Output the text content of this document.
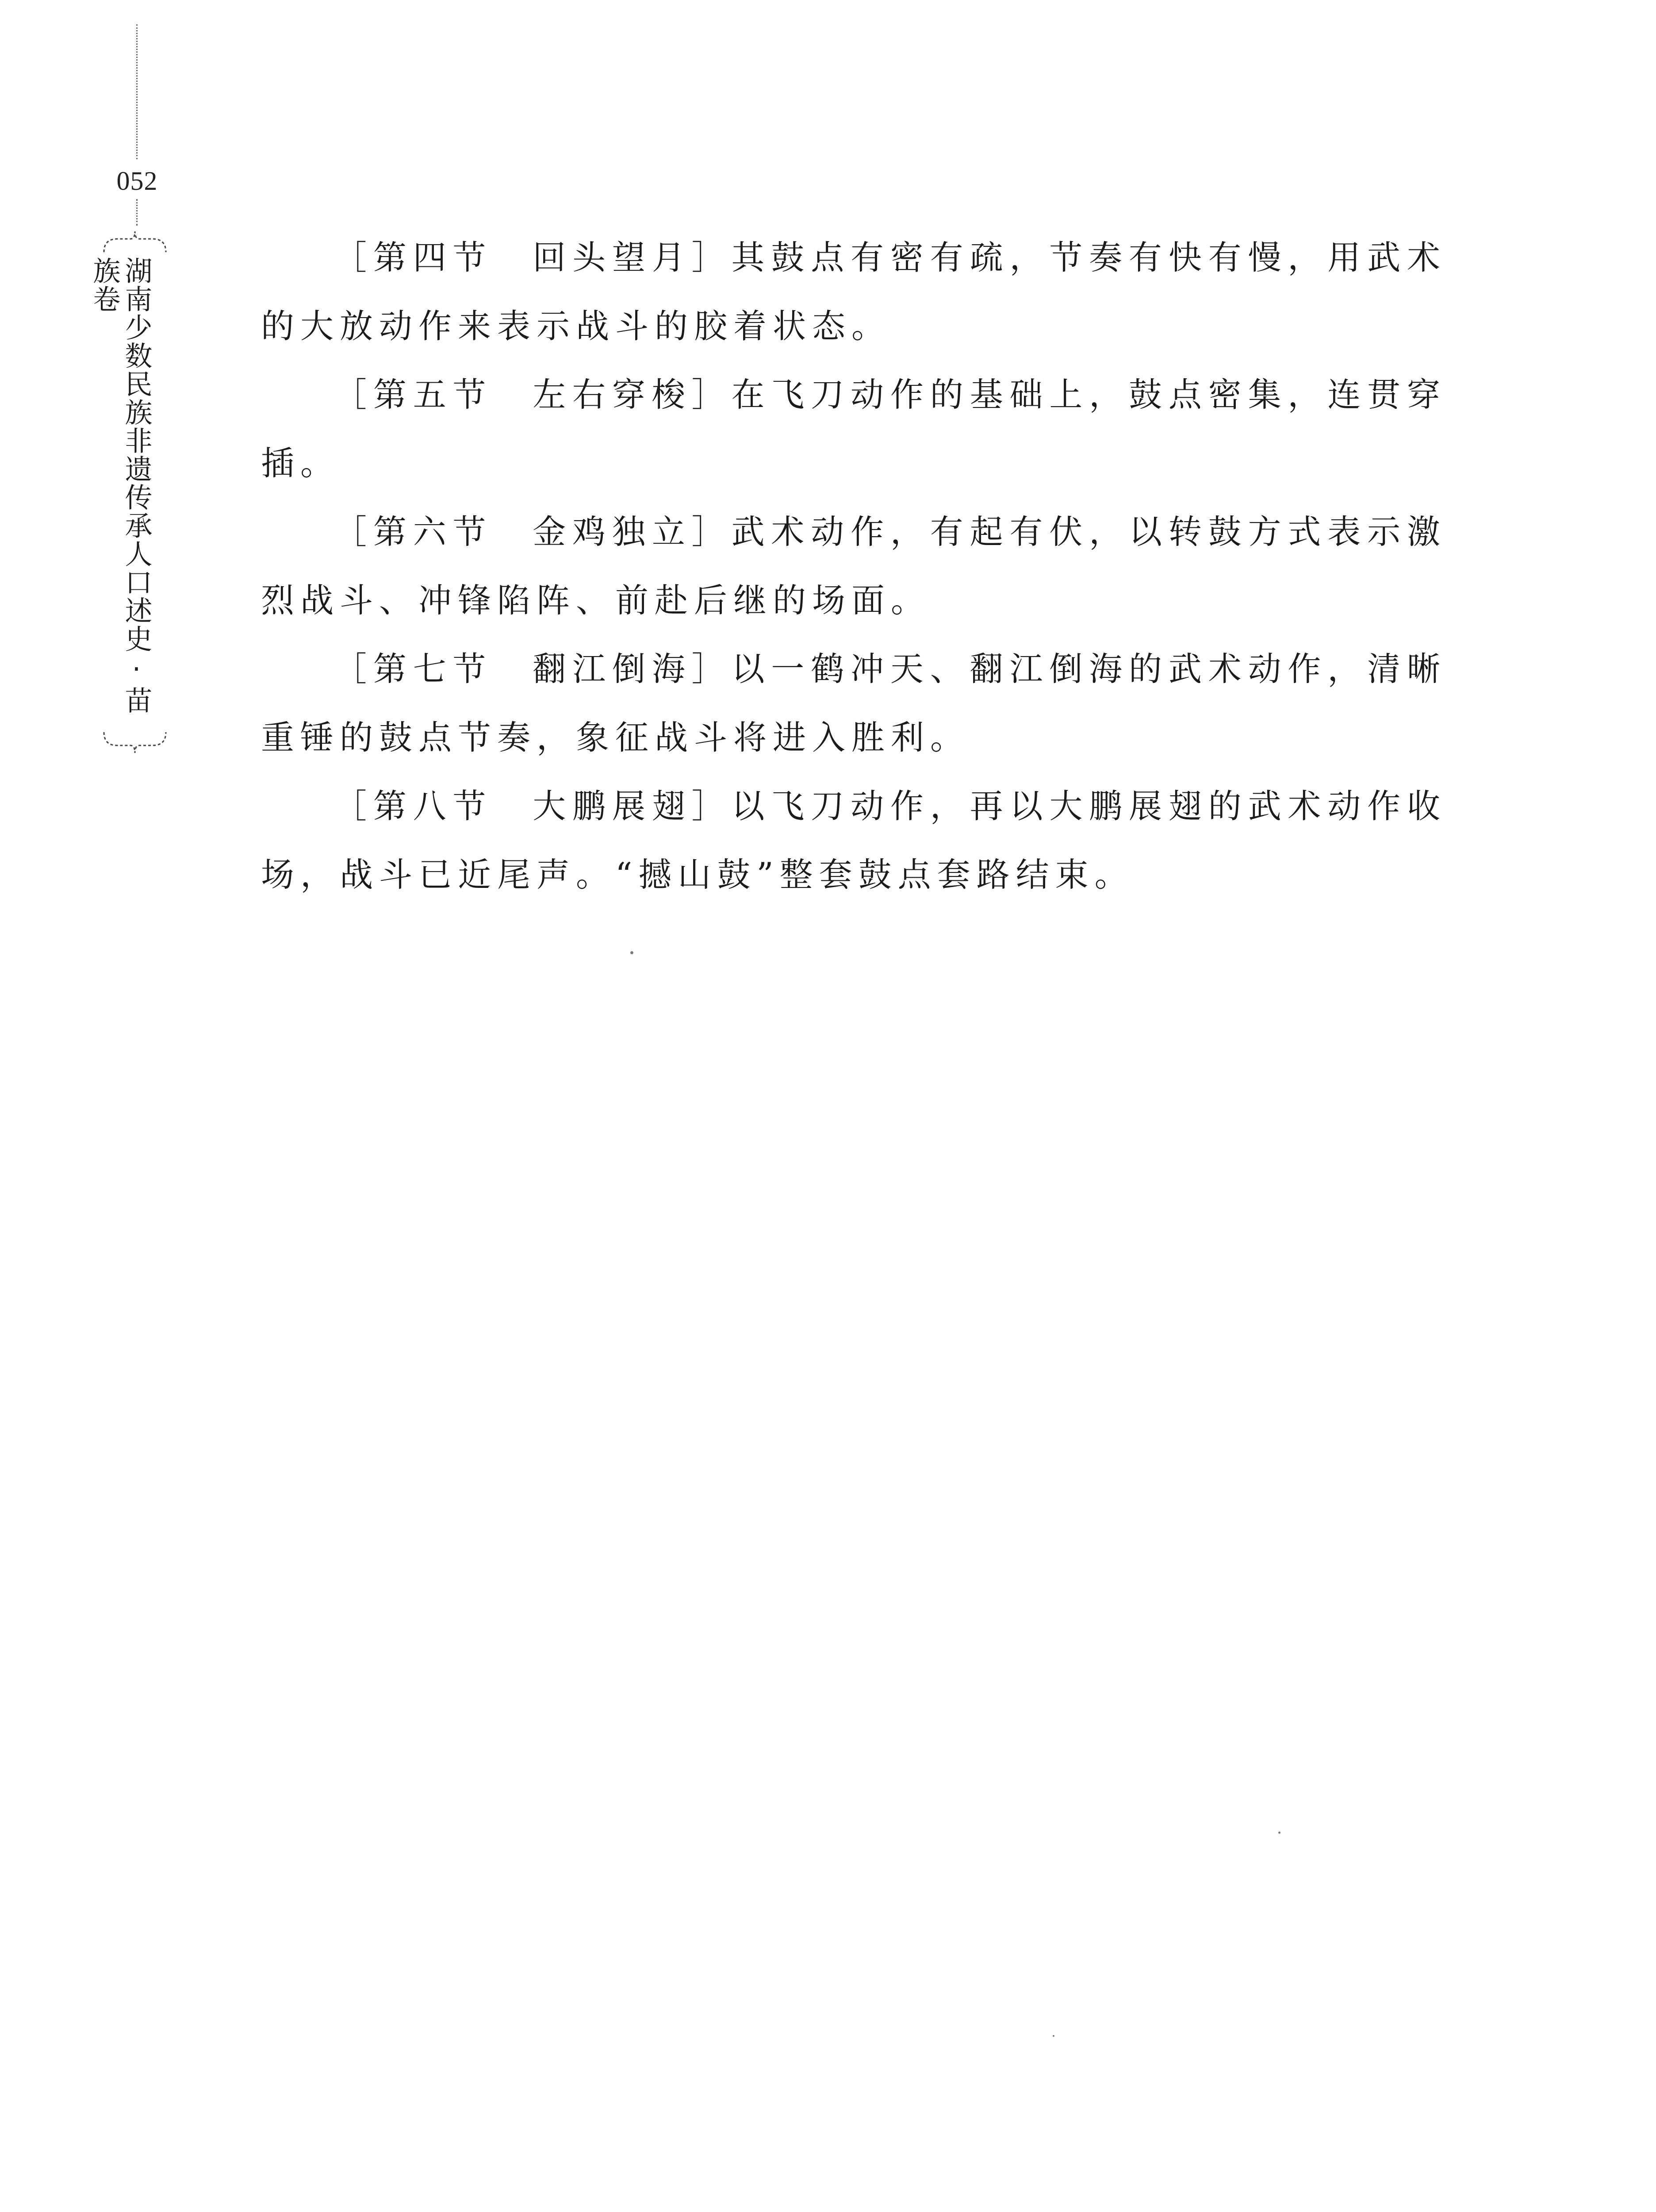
052
湖南少数民族非遗传承人口述史·苗族卷	［第四节 回头望月］其鼓点有密有疏，节奏有快有慢，用武术的大放动作来表示战斗的胶着状态。

［第五节 左右穿梭］在飞刀动作的基础上，鼓点密集，连贯穿插。

［第六节 金鸡独立］武术动作，有起有伏，以转鼓方式表示激烈战斗、冲锋陷阵、前赴后继的场面。

［第七节 翻江倒海］以一鹤冲天、翻江倒海的武术动作，清晰重锤的鼓点节奏，象征战斗将进入胜利。

［第八节 大鹏展翅］以飞刀动作，再以大鹏展翅的武术动作收场，战斗已近尾声。“撼山鼓”整套鼓点套路结束。
